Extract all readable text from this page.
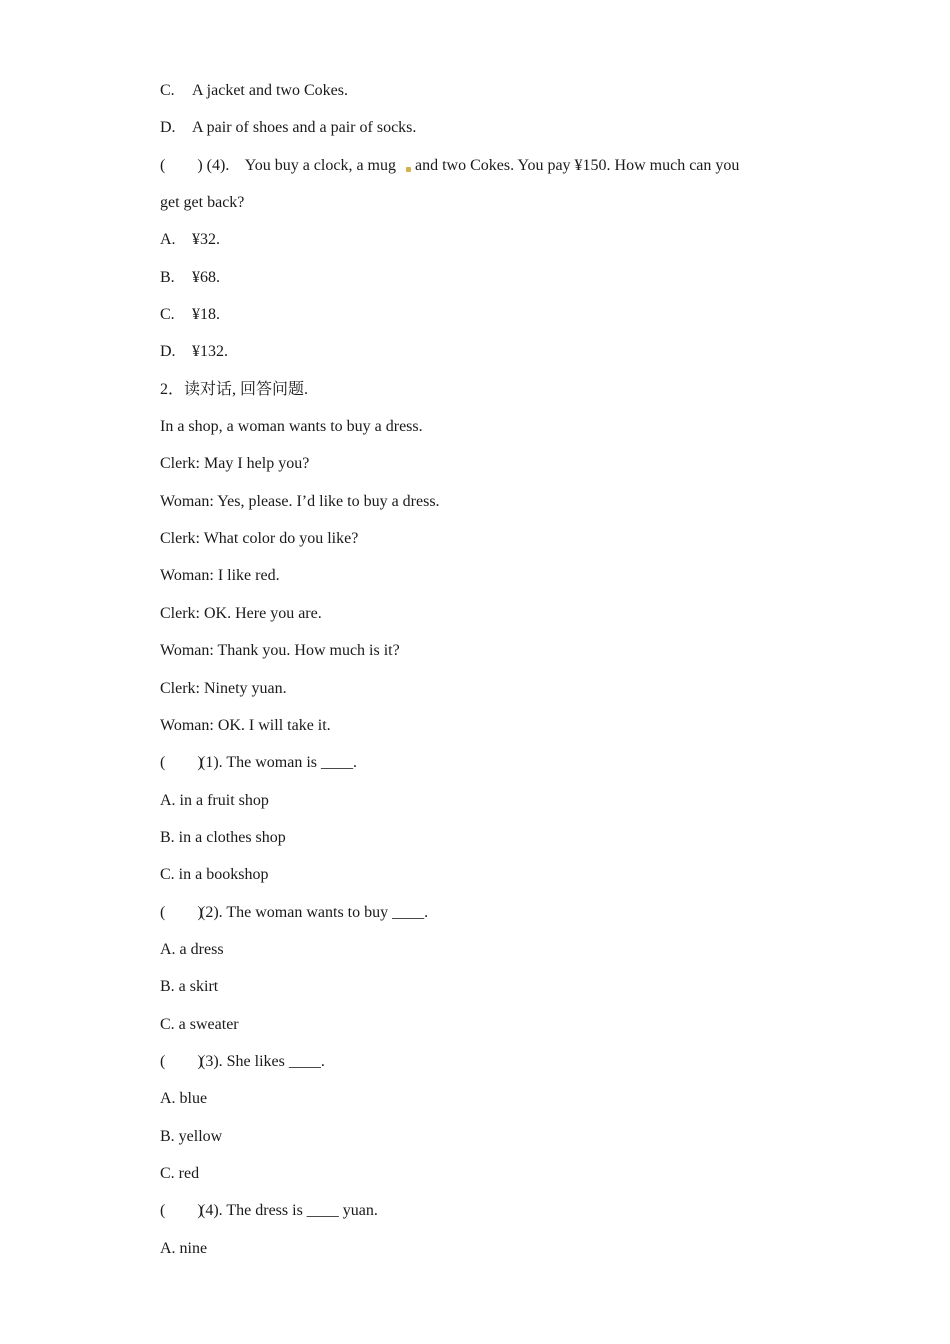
C. A jacket and two Cokes.
D. A pair of shoes and a pair of socks.
(　　) (4). You buy a clock, a mug and two Cokes. You pay ¥150. How much can you
get get back?
A. ¥32.
B. ¥68.
C. ¥18.
D. ¥132.
2．读对话, 回答问题.
In a shop, a woman wants to buy a dress.
Clerk: May I help you?
Woman: Yes, please. I’d like to buy a dress.
Clerk: What color do you like?
Woman: I like red.
Clerk: OK. Here you are.
Woman: Thank you. How much is it?
Clerk: Ninety yuan.
Woman: OK. I will take it.
(　　)(1). The woman is ____.
A. in a fruit shop
B. in a clothes shop
C. in a bookshop
(　　)(2). The woman wants to buy ____.
A. a dress
B. a skirt
C. a sweater
(　　)(3). She likes ____.
A. blue
B. yellow
C. red
(　　)(4). The dress is ____ yuan.
A. nine
